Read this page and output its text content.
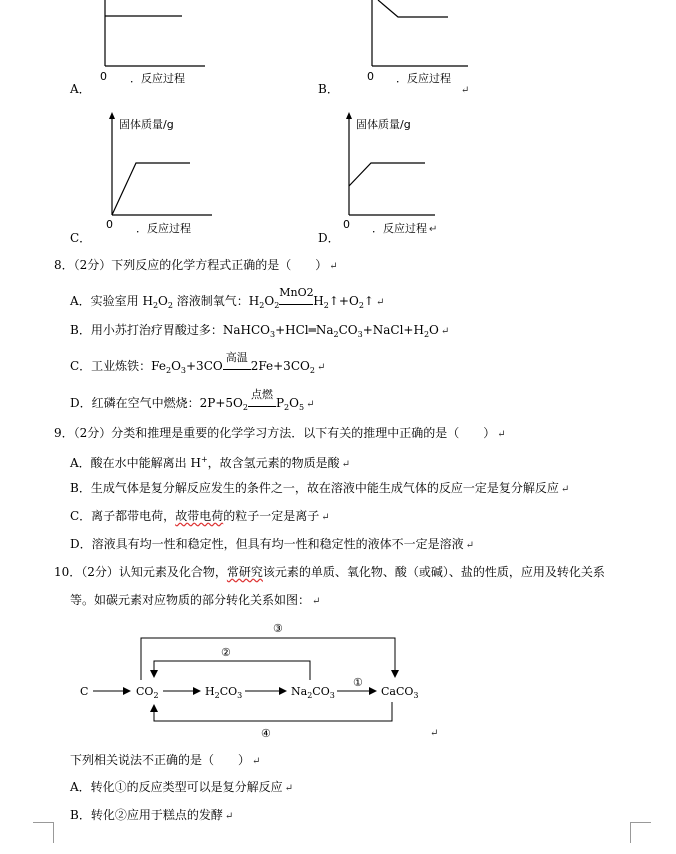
0 ．反应过程
A．
0 ．反应过程
B．	↵
固体质量/g
0 ．反应过程
C．
固体质量/g
0 ．反应过程 ↵
D．
8．（2分）下列反应的化学方程式正确的是（　　） ↵
A．实验室用 $H_2O_2$ 溶液制氧气：$H_2O_2$
MnO2
$H_2↑+O_2↑$ ↵
B．用小苏打治疗胃酸过多：$NaHCO_3+HCl═Na_2CO_3+NaCl+H_2O$ ↵
C．工业炼铁：$Fe_2O_3+3CO$
高温
$2Fe+3CO_2$ ↵
D．红磷在空气中燃烧：$2P+5O_2$
点燃
$P_2O_5$ ↵
9．（2分）分类和推理是重要的化学学习方法．以下有关的推理中正确的是（　　） ↵
A．酸在水中能解离出 H+，故含氢元素的物质是酸 ↵
B．生成气体是复分解反应发生的条件之一，故在溶液中能生成气体的反应一定是复分解反应 ↵
C．离子都带电荷，故带电荷的粒子一定是离子 ↵
D．溶液具有均一性和稳定性，但具有均一性和稳定性的液体不一定是溶液 ↵
10．（2分）认知元素及化合物，常研究该元素的单质、氧化物、酸（或碱）、盐的性质，应用及转化关系
等。如碳元素对应物质的部分转化关系如图： ↵
C	$CO_2$	$H_2CO_3$	$Na_2CO_3$	CaCO$_3$
①
③
②
④	↵
下列相关说法不正确的是（　　） ↵
A．转化①的反应类型可以是复分解反应 ↵
B．转化②应用于糕点的发酵 ↵
